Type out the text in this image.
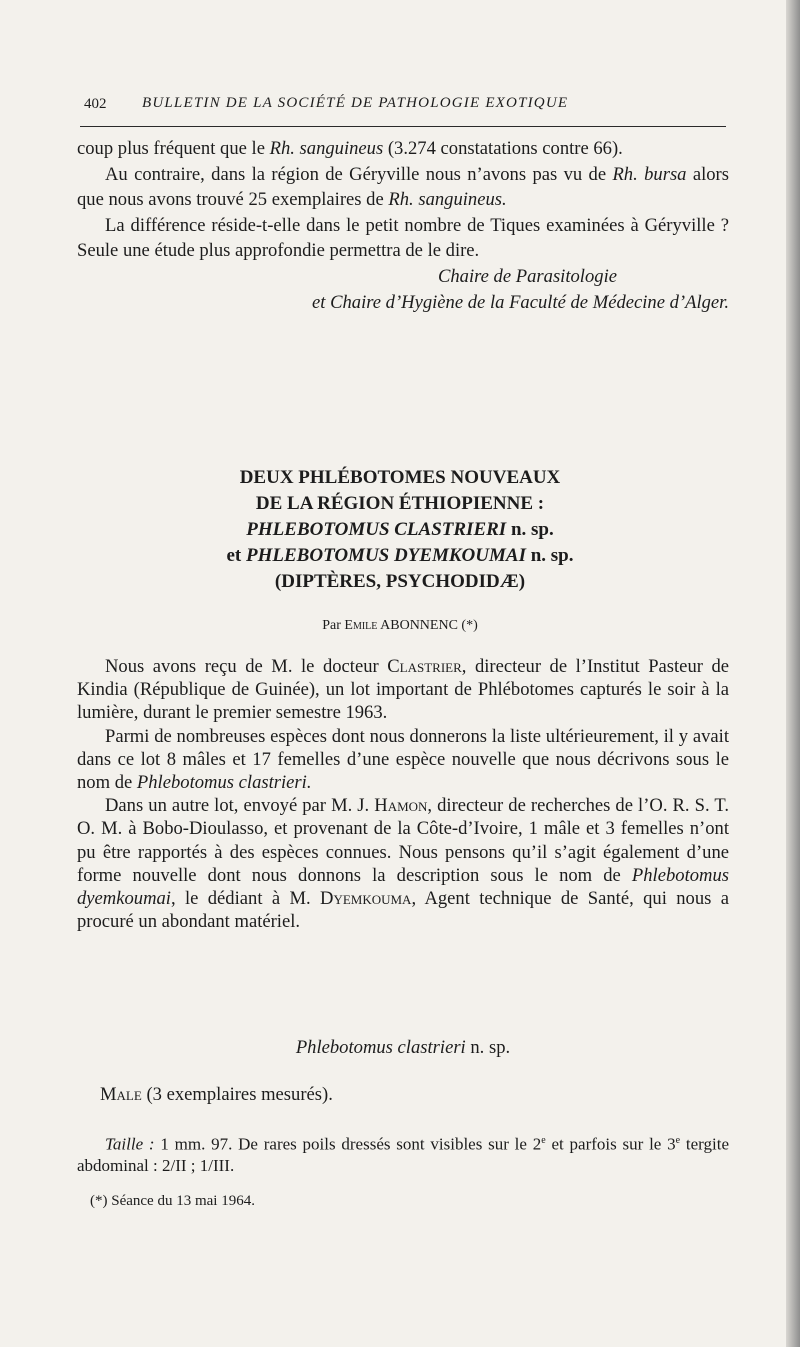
402 BULLETIN DE LA SOCIÉTÉ DE PATHOLOGIE EXOTIQUE

coup plus fréquent que le Rh. sanguineus (3.274 constatations contre 66).

Au contraire, dans la région de Géryville nous n’avons pas vu de Rh. bursa alors que nous avons trouvé 25 exemplaires de Rh. sanguineus.

La différence réside-t-elle dans le petit nombre de Tiques examinées à Géryville ? Seule une étude plus approfondie permettra de le dire.

Chaire de Parasitologie

et Chaire d’Hygiène de la Faculté de Médecine d’Alger.

DEUX PHLÉBOTOMES NOUVEAUX
DE LA RÉGION ÉTHIOPIENNE :
PHLEBOTOMUS CLASTRIERI n. sp.
et PHLEBOTOMUS DYEMKOUMAI n. sp.
(DIPTÈRES, PSYCHODIDÆ)
Par Emile ABONNENC (*)

Nous avons reçu de M. le docteur Clastrier, directeur de l’Institut Pasteur de Kindia (République de Guinée), un lot important de Phlébotomes capturés le soir à la lumière, durant le premier semestre 1963.

Parmi de nombreuses espèces dont nous donnerons la liste ultérieurement, il y avait dans ce lot 8 mâles et 17 femelles d’une espèce nouvelle que nous décrivons sous le nom de Phlebotomus clastrieri.

Dans un autre lot, envoyé par M. J. Hamon, directeur de recherches de l’O. R. S. T. O. M. à Bobo-Dioulasso, et provenant de la Côte-d’Ivoire, 1 mâle et 3 femelles n’ont pu être rapportés à des espèces connues. Nous pensons qu’il s’agit également d’une forme nouvelle dont nous donnons la description sous le nom de Phlebotomus dyemkoumai, le dédiant à M. Dyemkouma, Agent technique de Santé, qui nous a procuré un abondant matériel.

Phlebotomus clastrieri n. sp.
Male (3 exemplaires mesurés).

Taille : 1 mm. 97. De rares poils dressés sont visibles sur le 2e et parfois sur le 3e tergite abdominal : 2/II ; 1/III.

(*) Séance du 13 mai 1964.
